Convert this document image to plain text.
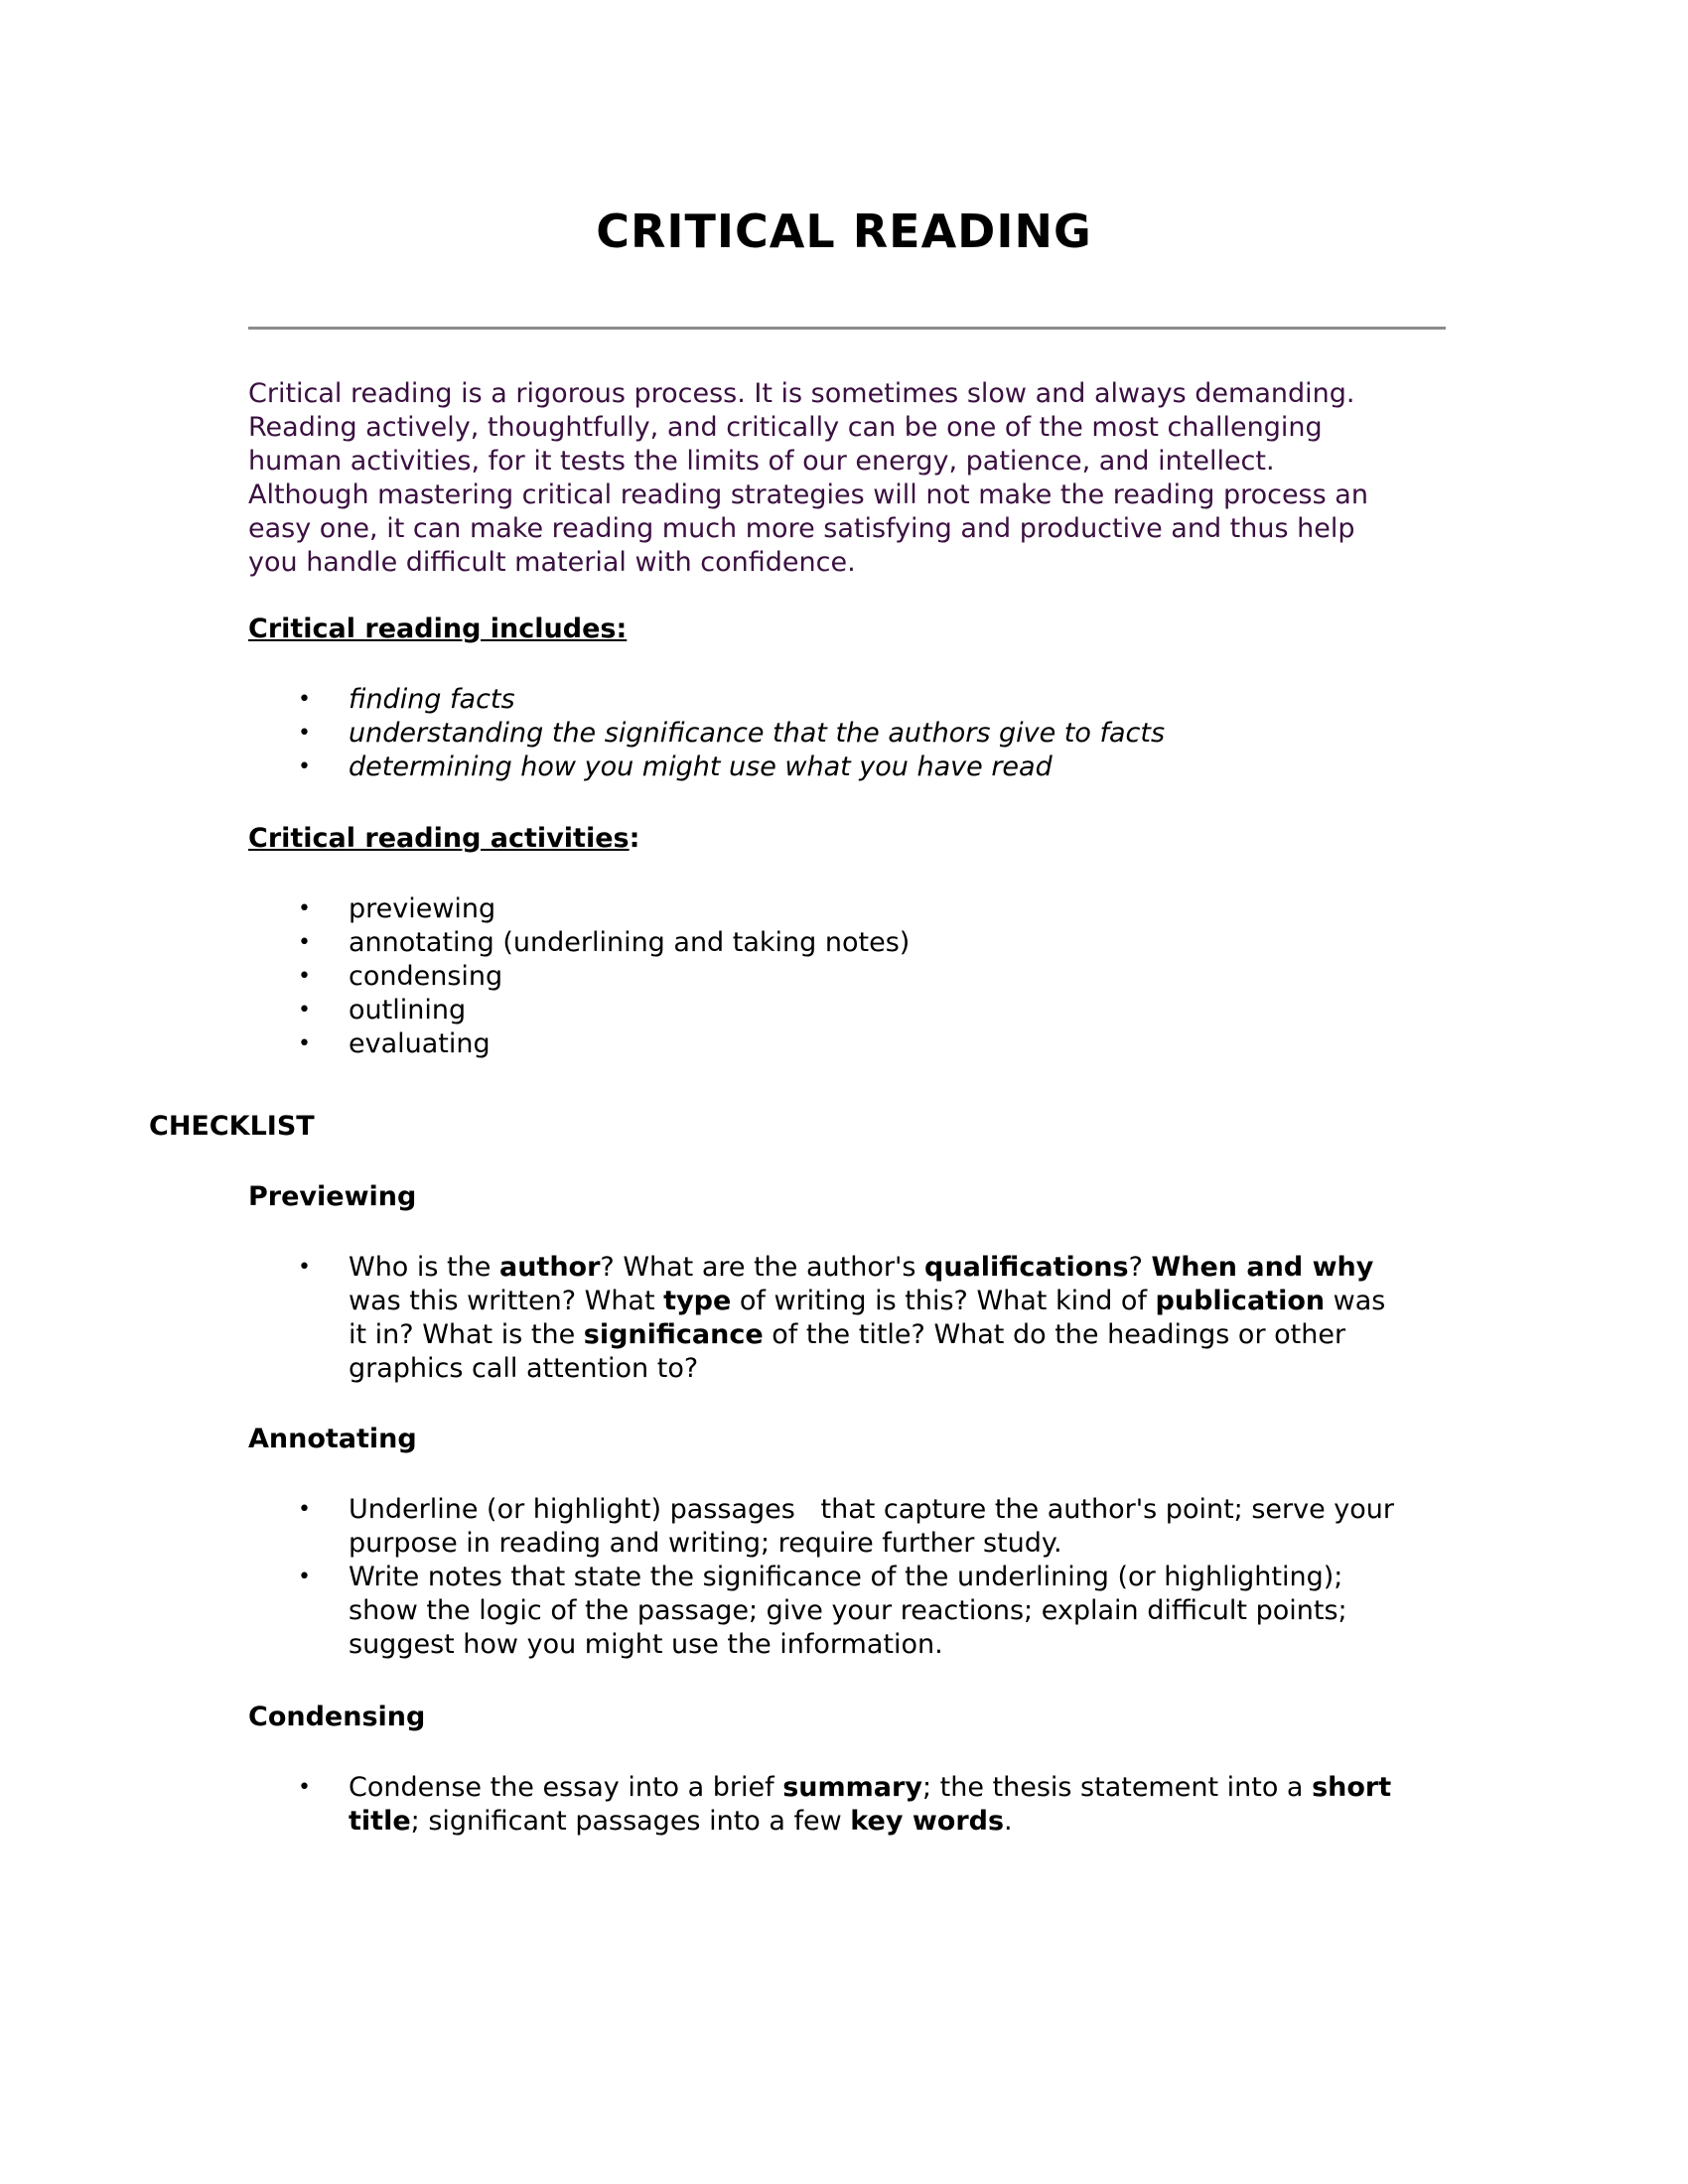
CRITICAL READING

Critical reading is a rigorous process. It is sometimes slow and always demanding.
Reading actively, thoughtfully, and critically can be one of the most challenging
human activities, for it tests the limits of our energy, patience, and intellect.
Although mastering critical reading strategies will not make the reading process an
easy one, it can make reading much more satisfying and productive and thus help
you handle difficult material with confidence.

Critical reading includes:

• finding facts
• understanding the significance that the authors give to facts
• determining how you might use what you have read

Critical reading activities:

• previewing
• annotating (underlining and taking notes)
• condensing
• outlining
• evaluating

CHECKLIST

Previewing

• Who is the author? What are the author's qualifications? When and why
was this written? What type of writing is this? What kind of publication was
it in? What is the significance of the title? What do the headings or other
graphics call attention to?

Annotating

• Underline (or highlight) passages   that capture the author's point; serve your
purpose in reading and writing; require further study.
• Write notes that state the significance of the underlining (or highlighting);
show the logic of the passage; give your reactions; explain difficult points;
suggest how you might use the information.

Condensing

• Condense the essay into a brief summary; the thesis statement into a short
title; significant passages into a few key words.
